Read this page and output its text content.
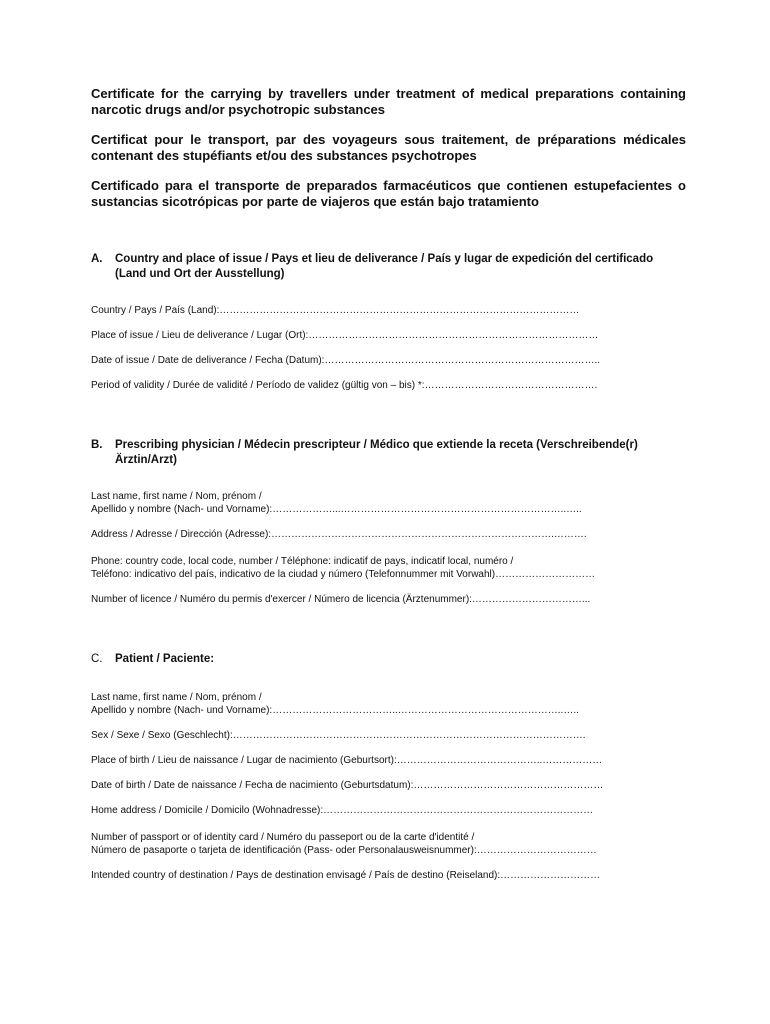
Certificate for the carrying by travellers under treatment of medical preparations containing narcotic drugs and/or psychotropic substances

Certificat pour le transport, par des voyageurs sous traitement, de préparations médicales contenant des stupéfiants et/ou des substances psychotropes

Certificado para el transporte de preparados farmacéuticos que contienen estupefacientes o sustancias sicotrópicas por parte de viajeros que están bajo tratamiento

A.	Country and place of issue / Pays et lieu de deliverance / País y lugar de expedición del certificado (Land und Ort der Ausstellung)
Country / Pays / País (Land):………………………………………………………………………………………………
Place of issue / Lieu de deliverance / Lugar (Ort):……………………………………………………………………………
Date of issue / Date de deliverance / Fecha (Datum):………………………………………………………………………..
Period of validity / Durée de validité / Período de validez (gültig von – bis) *:…………………………………………….
B.	Prescribing physician / Médecin prescripteur / Médico que extiende la receta (Verschreibende(r) Ärztin/Arzt)
Last name, first name / Nom, prénom /
Apellido y nombre (Nach- und Vorname):………………...…………………………………………………………..…..
Address / Adresse / Dirección (Adresse):………………………………………………………………………….……….
Phone: country code, local code, number / Téléphone: indicatif de pays, indicatif local, numéro /
Teléfono: indicativo del país, indicativo de la ciudad y número (Telefonnummer mit Vorwahl)…………………………
Number of licence / Numéro du permis d'exercer / Número de licencia (Ärztenummer):……………………………...
C.	Patient / Paciente:
Last name, first name / Nom, prénom /
Apellido y nombre (Nach- und Vorname):………………………………..…………………………………………..…..
Sex / Sexe / Sexo (Geschlecht):…………………………………………………………………………………………….
Place of birth / Lieu de naissance / Lugar de nacimiento (Geburtsort):……………………………………..………………
Date of birth / Date de naissance / Fecha de nacimiento (Geburtsdatum):…………………………………………………
Home address / Domicile / Domicilo (Wohnadresse):………………………………………………………………………
Number of passport or of identity card / Numéro du passeport ou de la carte d'identité /
Número de pasaporte o tarjeta de identificación (Pass- oder Personalausweisnummer):………………………………
Intended country of destination / Pays de destination envisagé / País de destino (Reiseland):…………………………
